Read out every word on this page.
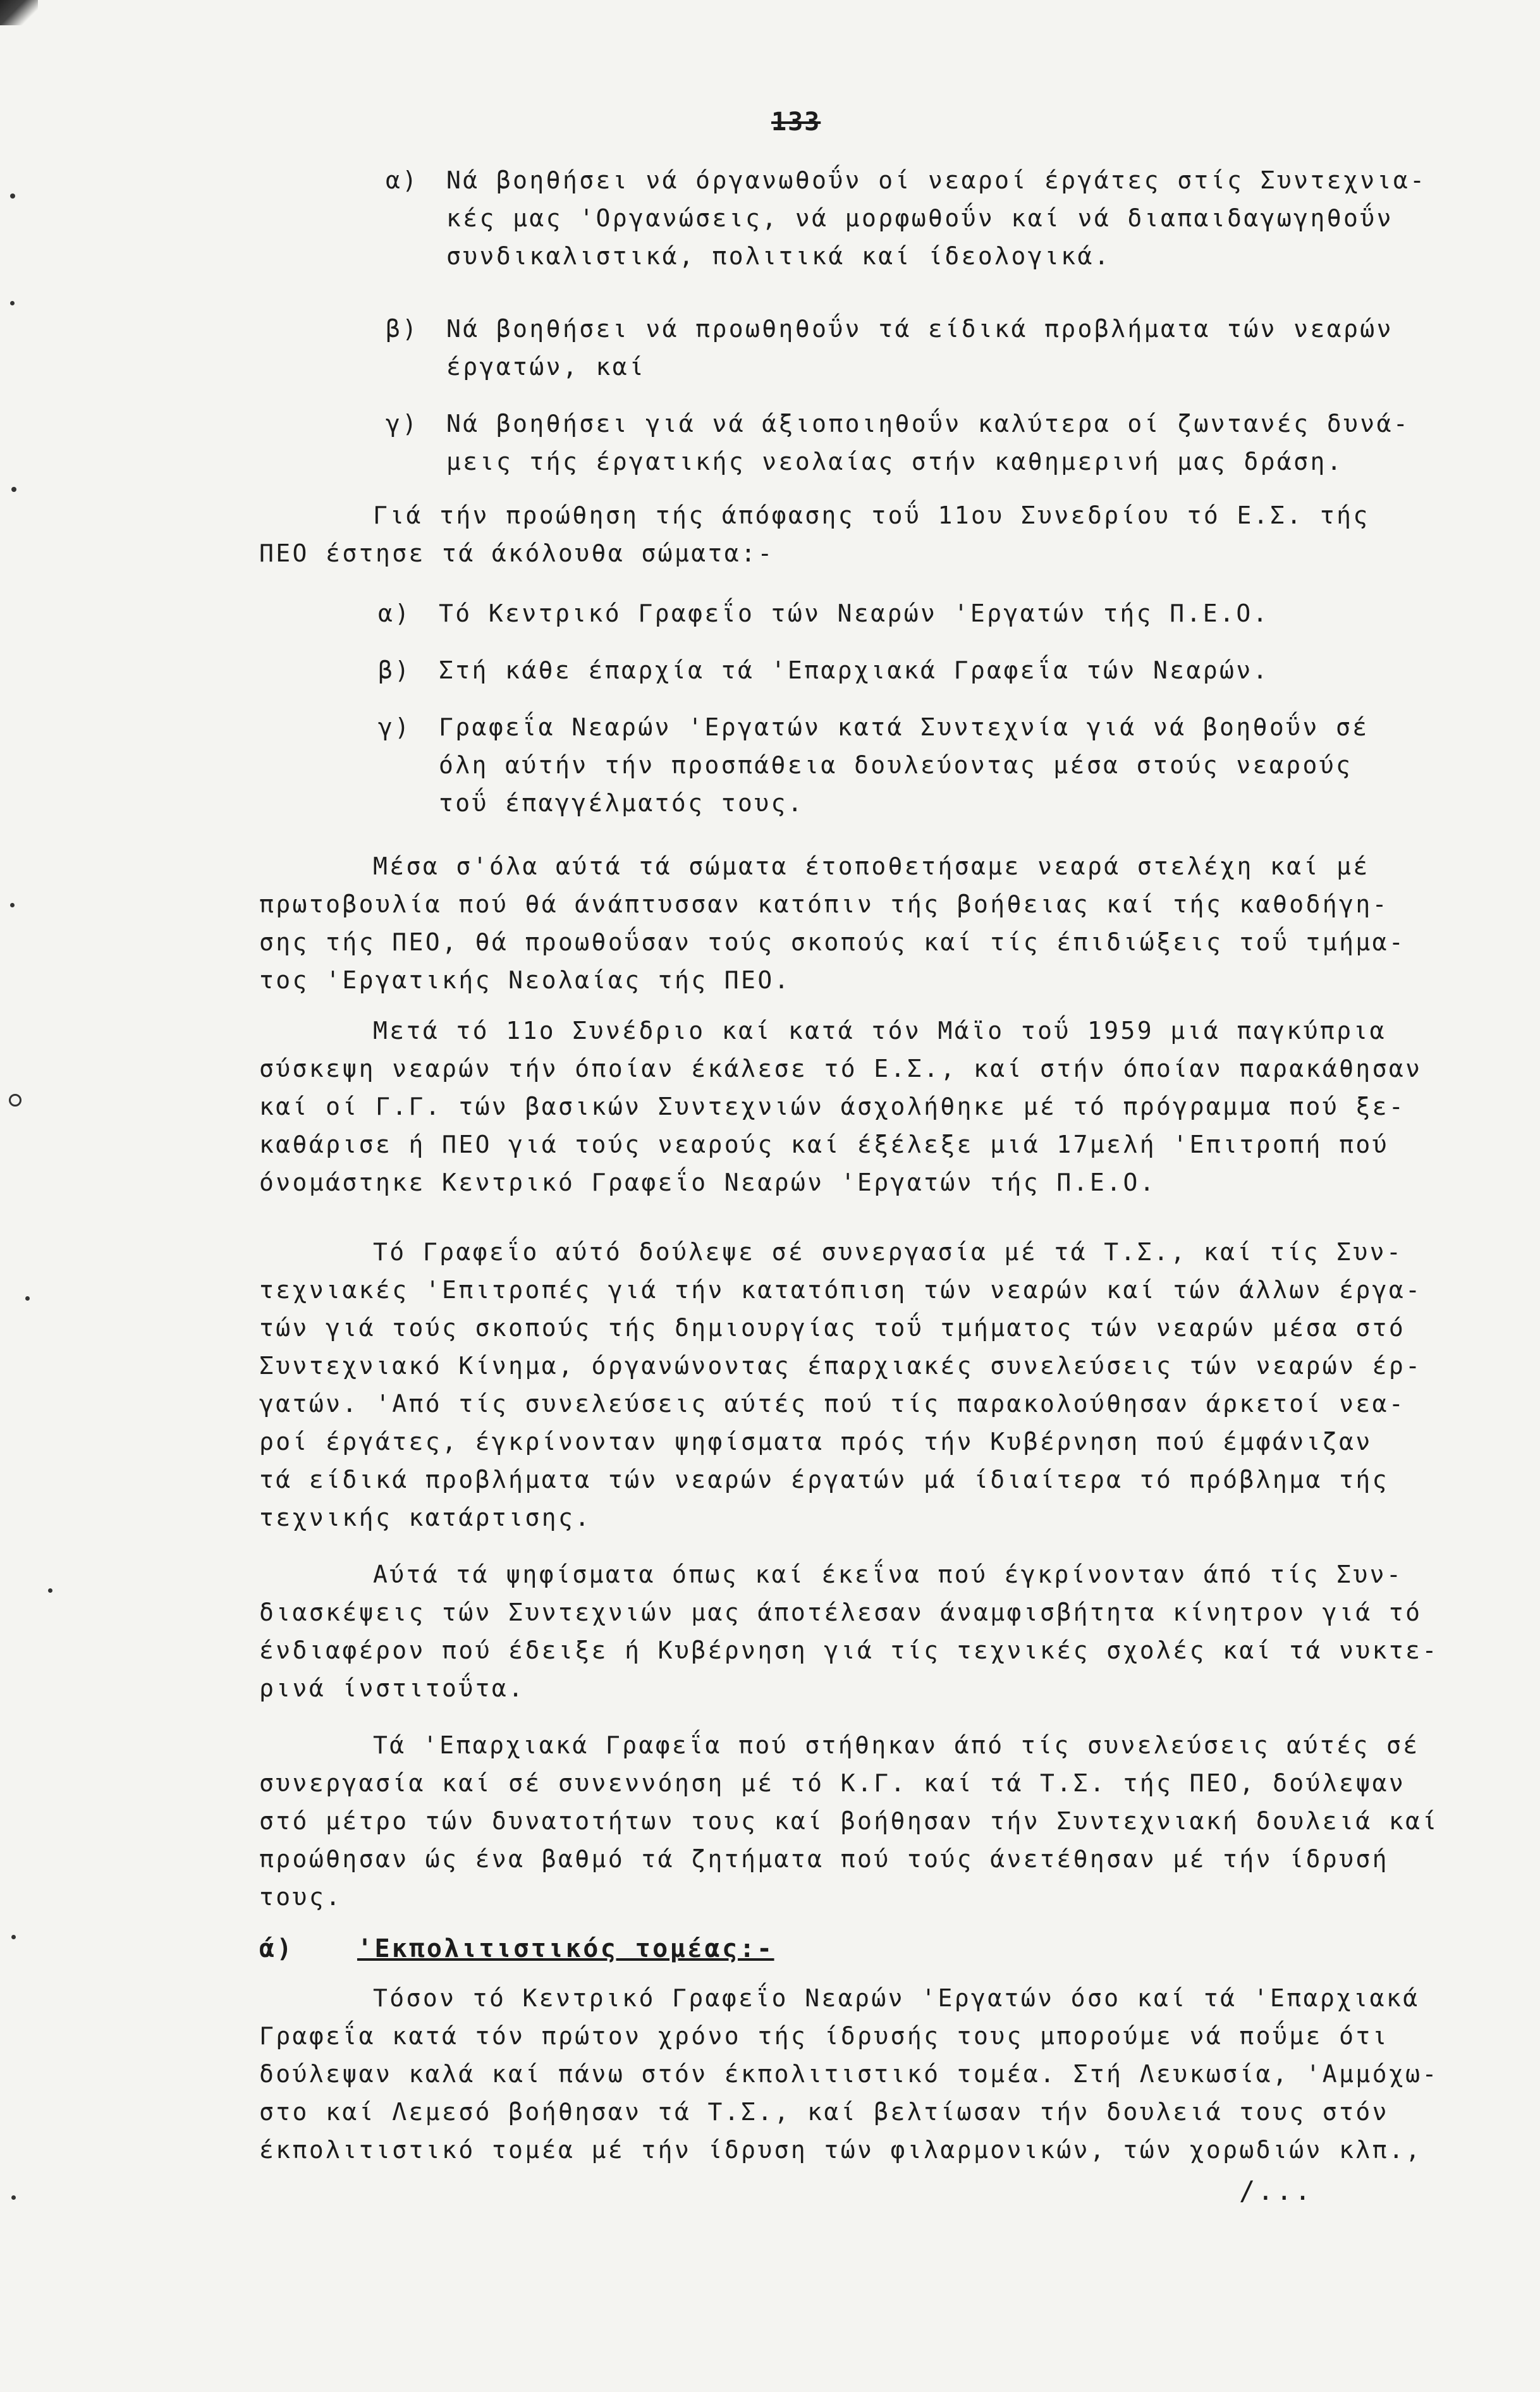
133

α)

Νά βοηθήσει νά όργανωθοΰν οί νεαροί έργάτες στίς Συντεχνια-
κές μας 'Οργανώσεις, νά μορφωθοΰν καί νά διαπαιδαγωγηθοΰν
συνδικαλιστικά, πολιτικά καί ίδεολογικά.

β)

Νά βοηθήσει νά προωθηθοΰν τά είδικά προβλήματα τών νεαρών
έργατών, καί

γ)

Νά βοηθήσει γιά νά άξιοποιηθοΰν καλύτερα οί ζωντανές δυνά-
μεις τής έργατικής νεολαίας στήν καθημερινή μας δράση.

Γιά τήν προώθηση τής άπόφασης τοΰ 11ου Συνεδρίου τό Ε.Σ. τής
ΠΕΟ έστησε τά άκόλουθα σώματα:-

α)

Τό Κεντρικό Γραφεΐο τών Νεαρών 'Εργατών τής Π.Ε.Ο.

β)

Στή κάθε έπαρχία τά 'Επαρχιακά Γραφεΐα τών Νεαρών.

γ)

Γραφεΐα Νεαρών 'Εργατών κατά Συντεχνία γιά νά βοηθοΰν σέ
όλη αύτήν τήν προσπάθεια δουλεύοντας μέσα στούς νεαρούς
τοΰ έπαγγέλματός τους.

Μέσα σ'όλα αύτά τά σώματα έτοποθετήσαμε νεαρά στελέχη καί μέ
πρωτοβουλία πού θά άνάπτυσσαν κατόπιν τής βοήθειας καί τής καθοδήγη-
σης τής ΠΕΟ, θά προωθοΰσαν τούς σκοπούς καί τίς έπιδιώξεις τοΰ τμήμα-
τος 'Εργατικής Νεολαίας τής ΠΕΟ.
Μετά τό 11ο Συνέδριο καί κατά τόν Μάϊο τοΰ 1959 μιά παγκύπρια
σύσκεψη νεαρών τήν όποίαν έκάλεσε τό Ε.Σ., καί στήν όποίαν παρακάθησαν
καί οί Γ.Γ. τών βασικών Συντεχνιών άσχολήθηκε μέ τό πρόγραμμα πού ξε-
καθάρισε ή ΠΕΟ γιά τούς νεαρούς καί έξέλεξε μιά 17μελή 'Επιτροπή πού
όνομάστηκε Κεντρικό Γραφεΐο Νεαρών 'Εργατών τής Π.Ε.Ο.
Τό Γραφεΐο αύτό δούλεψε σέ συνεργασία μέ τά Τ.Σ., καί τίς Συν-
τεχνιακές 'Επιτροπές γιά τήν κατατόπιση τών νεαρών καί τών άλλων έργα-
τών γιά τούς σκοπούς τής δημιουργίας τοΰ τμήματος τών νεαρών μέσα στό
Συντεχνιακό Κίνημα, όργανώνοντας έπαρχιακές συνελεύσεις τών νεαρών έρ-
γατών. 'Από τίς συνελεύσεις αύτές πού τίς παρακολούθησαν άρκετοί νεα-
ροί έργάτες, έγκρίνονταν ψηφίσματα πρός τήν Κυβέρνηση πού έμφάνιζαν
τά είδικά προβλήματα τών νεαρών έργατών μά ίδιαίτερα τό πρόβλημα τής
τεχνικής κατάρτισης.
Αύτά τά ψηφίσματα όπως καί έκεΐνα πού έγκρίνονταν άπό τίς Συν-
διασκέψεις τών Συντεχνιών μας άποτέλεσαν άναμφισβήτητα κίνητρον γιά τό
ένδιαφέρον πού έδειξε ή Κυβέρνηση γιά τίς τεχνικές σχολές καί τά νυκτε-
ρινά ίνστιτοΰτα.
Τά 'Επαρχιακά Γραφεΐα πού στήθηκαν άπό τίς συνελεύσεις αύτές σέ
συνεργασία καί σέ συνεννόηση μέ τό Κ.Γ. καί τά Τ.Σ. τής ΠΕΟ, δούλεψαν
στό μέτρο τών δυνατοτήτων τους καί βοήθησαν τήν Συντεχνιακή δουλειά καί
προώθησαν ώς ένα βαθμό τά ζητήματα πού τούς άνετέθησαν μέ τήν ίδρυσή
τους.
ά)	'Εκπολιτιστικός τομέας:-
Τόσον τό Κεντρικό Γραφεΐο Νεαρών 'Εργατών όσο καί τά 'Επαρχιακά
Γραφεΐα κατά τόν πρώτον χρόνο τής ίδρυσής τους μπορούμε νά ποΰμε ότι
δούλεψαν καλά καί πάνω στόν έκπολιτιστικό τομέα. Στή Λευκωσία, 'Αμμόχω-
στο καί Λεμεσό βοήθησαν τά Τ.Σ., καί βελτίωσαν τήν δουλειά τους στόν
έκπολιτιστικό τομέα μέ τήν ίδρυση τών φιλαρμονικών, τών χορωδιών κλπ.,
/...
